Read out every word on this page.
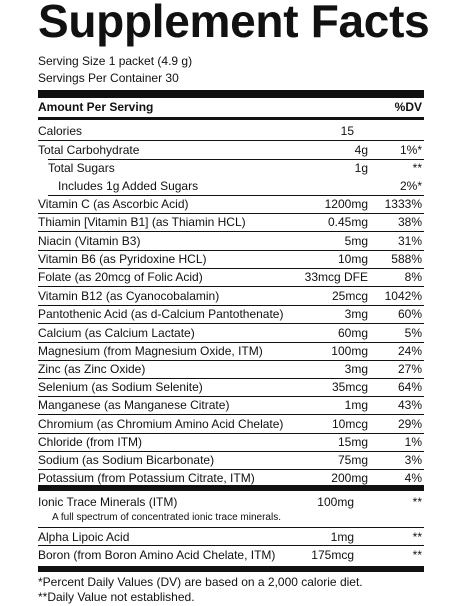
Supplement Facts
Serving Size 1 packet (4.9 g)
Servings Per Container 30
Amount Per Serving	%DV
Calories	15
Total Carbohydrate	4g	1%*
Total Sugars	1g	**
Includes 1g Added Sugars	2%*
Vitamin C (as Ascorbic Acid)	1200mg 1333%
Thiamin [Vitamin B1] (as Thiamin HCL)	0.45mg 38%
Niacin (Vitamin B3)	5mg 31%
Vitamin B6 (as Pyridoxine HCL)	10mg 588%
Folate (as 20mcg of Folic Acid)	33mcg DFE	8%
Vitamin B12 (as Cyanocobalamin)	25mcg 1042%
Pantothenic Acid (as d-Calcium Pantothenate)	3mg 60%
Calcium (as Calcium Lactate)	60mg	5%
Magnesium (from Magnesium Oxide, ITM)	100mg 24%
Zinc (as Zinc Oxide)	3mg 27%
Selenium (as Sodium Selenite)	35mcg 64%
Manganese (as Manganese Citrate)	1mg 43%
Chromium (as Chromium Amino Acid Chelate)	10mcg 29%
Chloride (from ITM)	15mg	1%
Sodium (as Sodium Bicarbonate)	75mg	3%
Potassium (from Potassium Citrate, ITM)	200mg	4%
Ionic Trace Minerals (ITM)	100mg	**
A full spectrum of concentrated ionic trace minerals.
Alpha Lipoic Acid	1mg	**
Boron (from Boron Amino Acid Chelate, ITM)	175mcg	**
*Percent Daily Values (DV) are based on a 2,000 calorie diet.
**Daily Value not established.
